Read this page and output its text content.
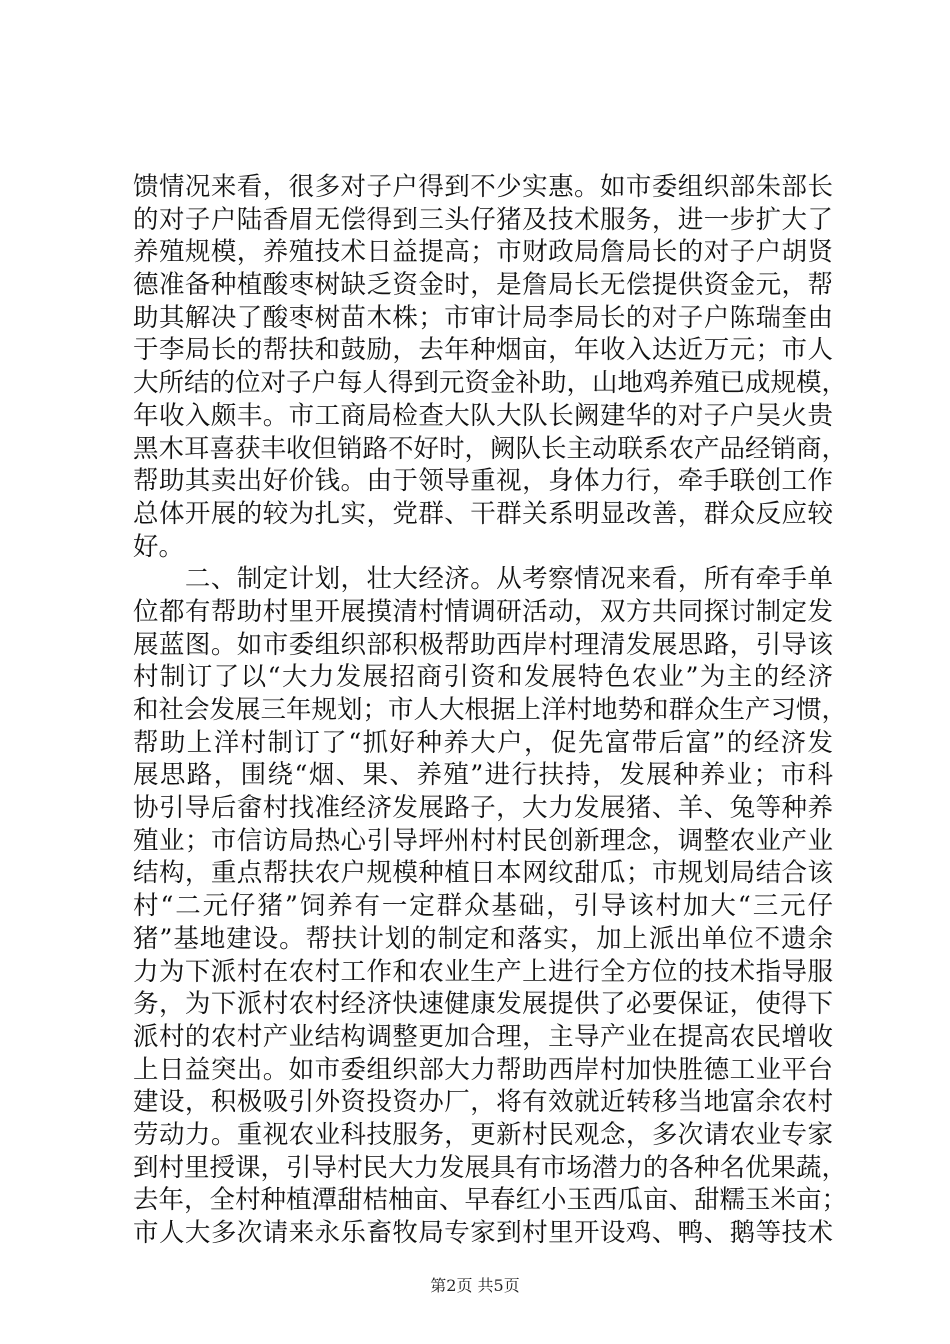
馈情况来看，很多对子户得到不少实惠。如市委组织部朱部长
的对子户陆香眉无偿得到三头仔猪及技术服务，进一步扩大了
养殖规模，养殖技术日益提高；市财政局詹局长的对子户胡贤
德准备种植酸枣树缺乏资金时，是詹局长无偿提供资金元，帮
助其解决了酸枣树苗木株；市审计局李局长的对子户陈瑞奎由
于李局长的帮扶和鼓励，去年种烟亩，年收入达近万元；市人
大所结的位对子户每人得到元资金补助，山地鸡养殖已成规模，
年收入颇丰。市工商局检查大队大队长阙建华的对子户吴火贵
黑木耳喜获丰收但销路不好时，阙队长主动联系农产品经销商，
帮助其卖出好价钱。由于领导重视，身体力行，牵手联创工作
总体开展的较为扎实，党群、干群关系明显改善，群众反应较
好。
　　二、制定计划，壮大经济。从考察情况来看，所有牵手单
位都有帮助村里开展摸清村情调研活动，双方共同探讨制定发
展蓝图。如市委组织部积极帮助西岸村理清发展思路，引导该
村制订了以“大力发展招商引资和发展特色农业”为主的经济
和社会发展三年规划；市人大根据上洋村地势和群众生产习惯，
帮助上洋村制订了“抓好种养大户，促先富带后富”的经济发
展思路，围绕“烟、果、养殖”进行扶持，发展种养业；市科
协引导后畲村找准经济发展路子，大力发展猪、羊、兔等种养
殖业；市信访局热心引导坪州村村民创新理念，调整农业产业
结构，重点帮扶农户规模种植日本网纹甜瓜；市规划局结合该
村“二元仔猪”饲养有一定群众基础，引导该村加大“三元仔
猪”基地建设。帮扶计划的制定和落实，加上派出单位不遗余
力为下派村在农村工作和农业生产上进行全方位的技术指导服
务，为下派村农村经济快速健康发展提供了必要保证，使得下
派村的农村产业结构调整更加合理，主导产业在提高农民增收
上日益突出。如市委组织部大力帮助西岸村加快胜德工业平台
建设，积极吸引外资投资办厂，将有效就近转移当地富余农村
劳动力。重视农业科技服务，更新村民观念，多次请农业专家
到村里授课，引导村民大力发展具有市场潜力的各种名优果蔬，
去年，全村种植潭甜桔柚亩、早春红小玉西瓜亩、甜糯玉米亩；
市人大多次请来永乐畜牧局专家到村里开设鸡、鸭、鹅等技术
第2页 共5页
